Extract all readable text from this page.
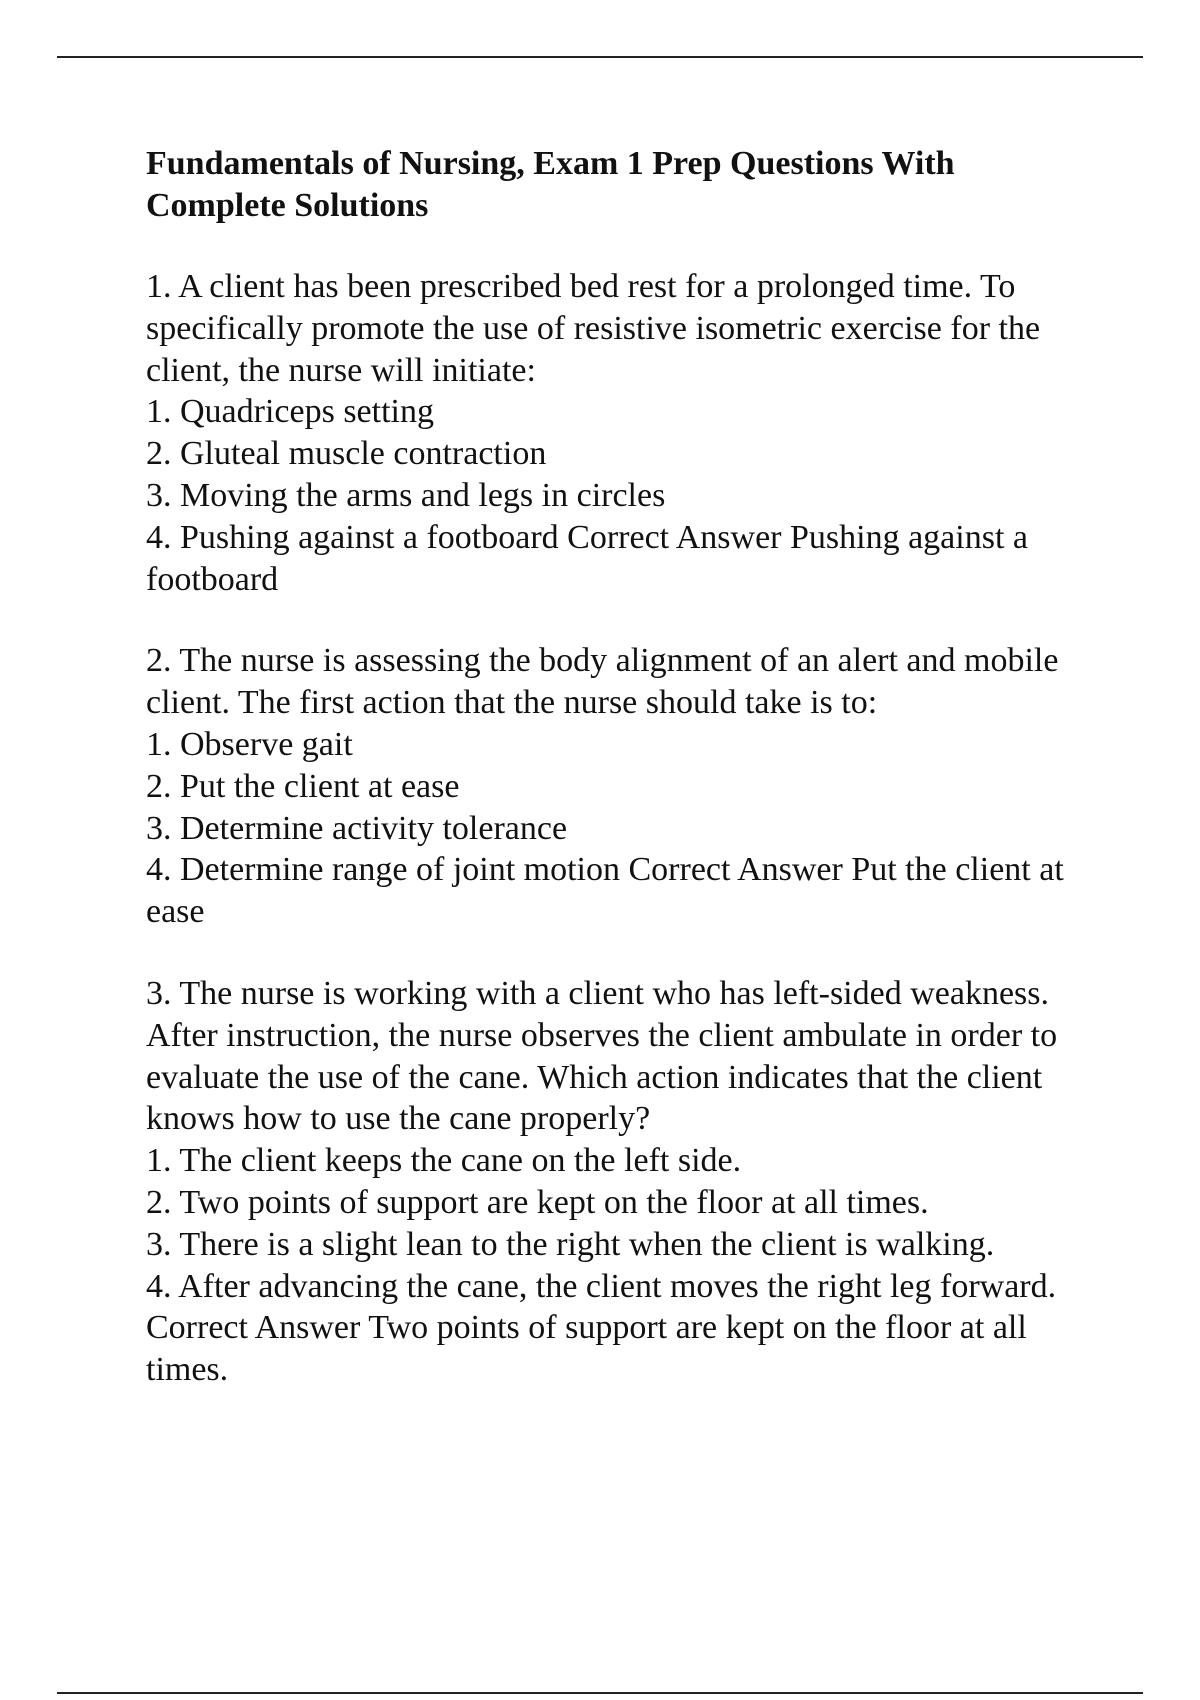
Fundamentals of Nursing, Exam 1 Prep Questions With Complete Solutions
1. A client has been prescribed bed rest for a prolonged time. To specifically promote the use of resistive isometric exercise for the client, the nurse will initiate:
1. Quadriceps setting
2. Gluteal muscle contraction
3. Moving the arms and legs in circles
4. Pushing against a footboard Correct Answer Pushing against a footboard
2. The nurse is assessing the body alignment of an alert and mobile client. The first action that the nurse should take is to:
1. Observe gait
2. Put the client at ease
3. Determine activity tolerance
4. Determine range of joint motion Correct Answer Put the client at ease
3. The nurse is working with a client who has left-sided weakness. After instruction, the nurse observes the client ambulate in order to evaluate the use of the cane. Which action indicates that the client knows how to use the cane properly?
1. The client keeps the cane on the left side.
2. Two points of support are kept on the floor at all times.
3. There is a slight lean to the right when the client is walking.
4. After advancing the cane, the client moves the right leg forward. Correct Answer Two points of support are kept on the floor at all times.
